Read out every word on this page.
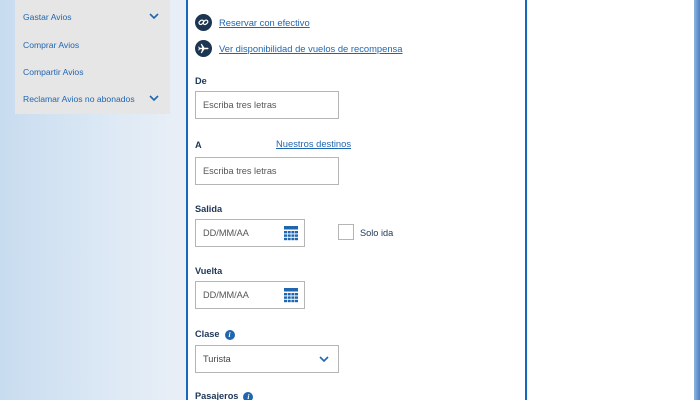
Gastar Avios
Comprar Avios
Compartir Avios
Reclamar Avios no abonados
Reservar con efectivo
Ver disponibilidad de vuelos de recompensa
De
Escriba tres letras
A	Nuestros destinos
Escriba tres letras
Salida
DD/MM/AA	Solo ida
Vuelta
DD/MM/AA
Clase i
Turista
Pasajeros i
